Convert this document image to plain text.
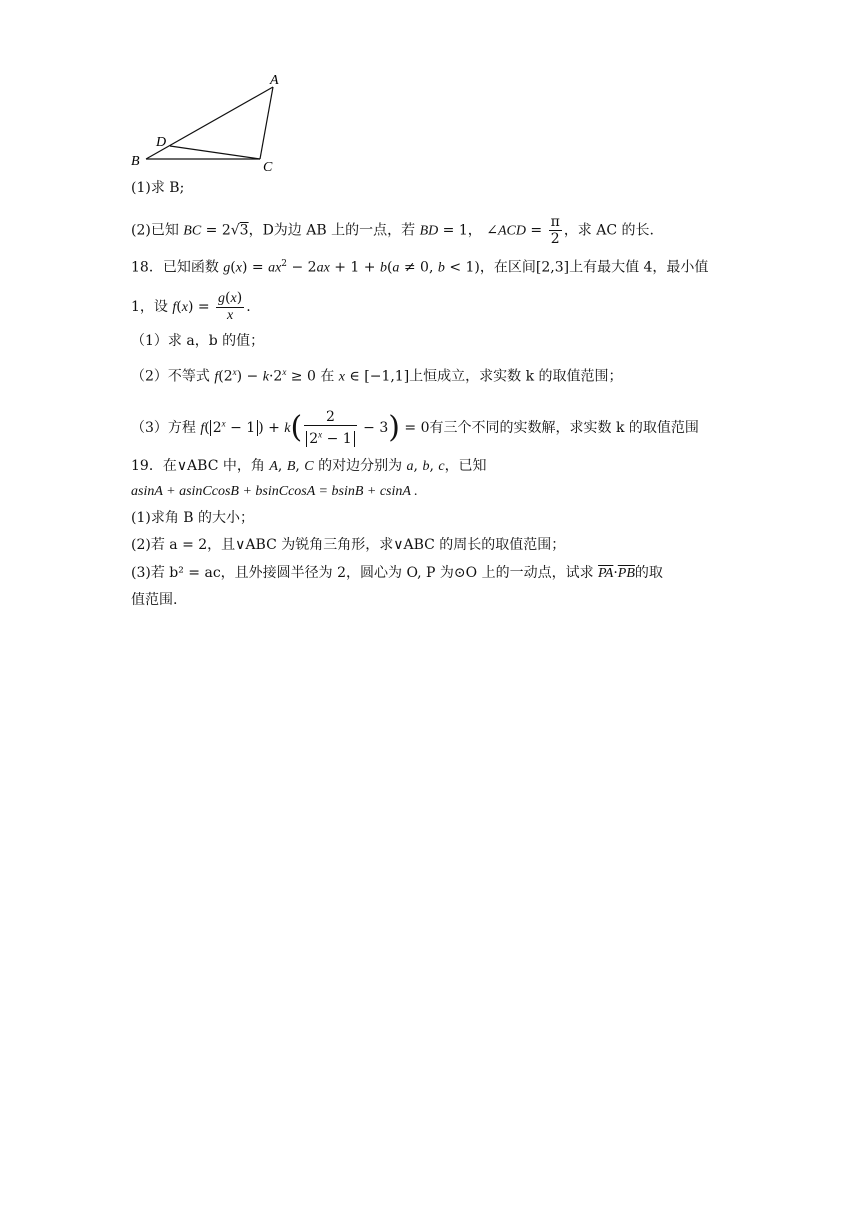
A
B	C
D
(1)求 B;
(2)已知 BC = 2√3，D为边 AB 上的一点，若 BD = 1， ∠ACD = $\frac{\pi}{2}$ ，求 AC 的长.
18．已知函数 $g(x) = ax^2 - 2ax + 1 + b(a \ne 0$, b < 1)，在区间[2,3]上有最大值 4，最小值
1，设 $f(x) = \frac{g(x)}{x}$ .
（1）求 a，b 的值；
（2）不等式 $f(2^x) - k\cdot 2^x \ge 0$ 在 x ∈ [−1,1]上恒成立，求实数 k 的取值范围；
（3）方程 f( $2^x - 1$ ) + $k( \frac{2}{2^x - 1} - 3) = 0$有三个不同的实数解，求实数 k 的取值范围
19．在∨ABC 中，角 A, B, C 的对边分别为 a, b, c，已知
asinA + asinCcosB + bsinCcosA = bsinB + csinA .
(1)求角 B 的大小；
(2)若 a = 2，且∨ABC 为锐角三角形，求∨ABC 的周长的取值范围；
(3)若 b² = ac，且外接圆半径为 2，圆心为 O, P 为⊙O 上的一动点，试求 $\overline{PA}\cdot\overline{PB}$的取
值范围.
